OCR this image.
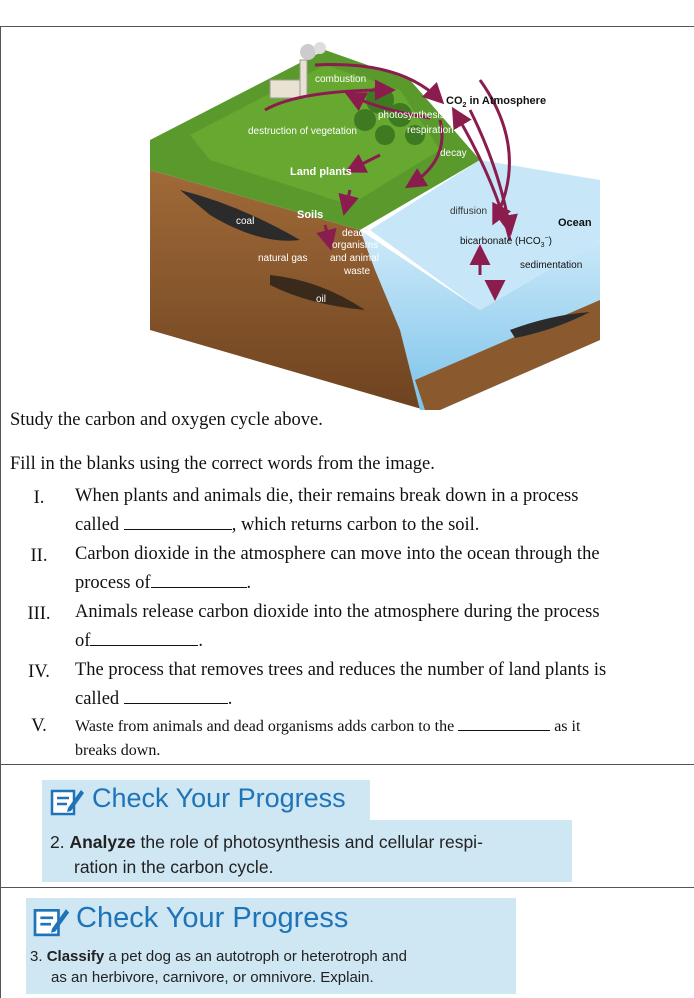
combustion
photosynthesis
respiration
destruction of vegetation
decay
Land plants
Soils
coal
dead
organisms
and animal
waste
natural gas
oil
$CO_2$ in Atmosphere
diffusion
Ocean
bicarbonate $(HCO_3^-)$
sedimentation
Study the carbon and oxygen cycle above.
Fill in the blanks using the correct words from the image.
I.	When plants and animals die, their remains break down in a process
called	, which returns carbon to the soil.
II.	Carbon dioxide in the atmosphere can move into the ocean through the
process of	.
III.	Animals release carbon dioxide into the atmosphere during the process
of	.
IV.	The process that removes trees and reduces the number of land plants is
called	.
V.	Waste from animals and dead organisms adds carbon to the	as it
breaks down.
Check Your Progress
2. Analyze the role of photosynthesis and cellular respi-
ration in the carbon cycle.
Check Your Progress
3. Classify a pet dog as an autotroph or heterotroph and
as an herbivore, carnivore, or omnivore. Explain.
